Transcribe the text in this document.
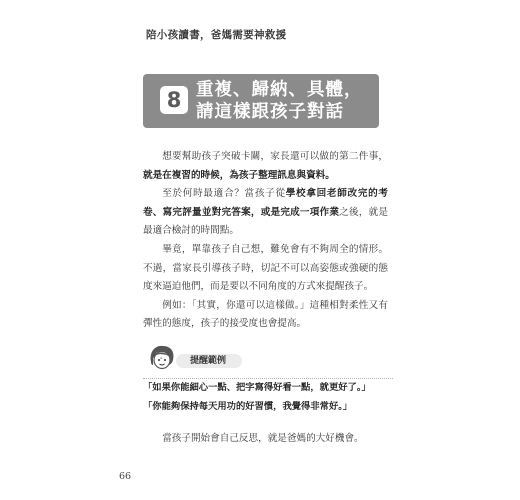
陪小孩讀書，爸媽需要神救援
8 重複、歸納、具體，
請這樣跟孩子對話

想要幫助孩子突破卡關，家長還可以做的第二件事，就是在複習的時候，為孩子整理訊息與資料。

至於何時最適合？當孩子從學校拿回老師改完的考卷、寫完評量並對完答案，或是完成一項作業之後，就是最適合檢討的時間點。

畢竟，單靠孩子自己想，難免會有不夠周全的情形。不過，當家長引導孩子時，切記不可以高姿態或強硬的態度來逼迫他們，而是要以不同角度的方式來提醒孩子。

例如：「其實，你還可以這樣做。」這種相對柔性又有彈性的態度，孩子的接受度也會提高。

提醒範例
「如果你能細心一點、把字寫得好看一點，就更好了。」
「你能夠保持每天用功的好習慣，我覺得非常好。」
當孩子開始會自己反思，就是爸媽的大好機會。
66
